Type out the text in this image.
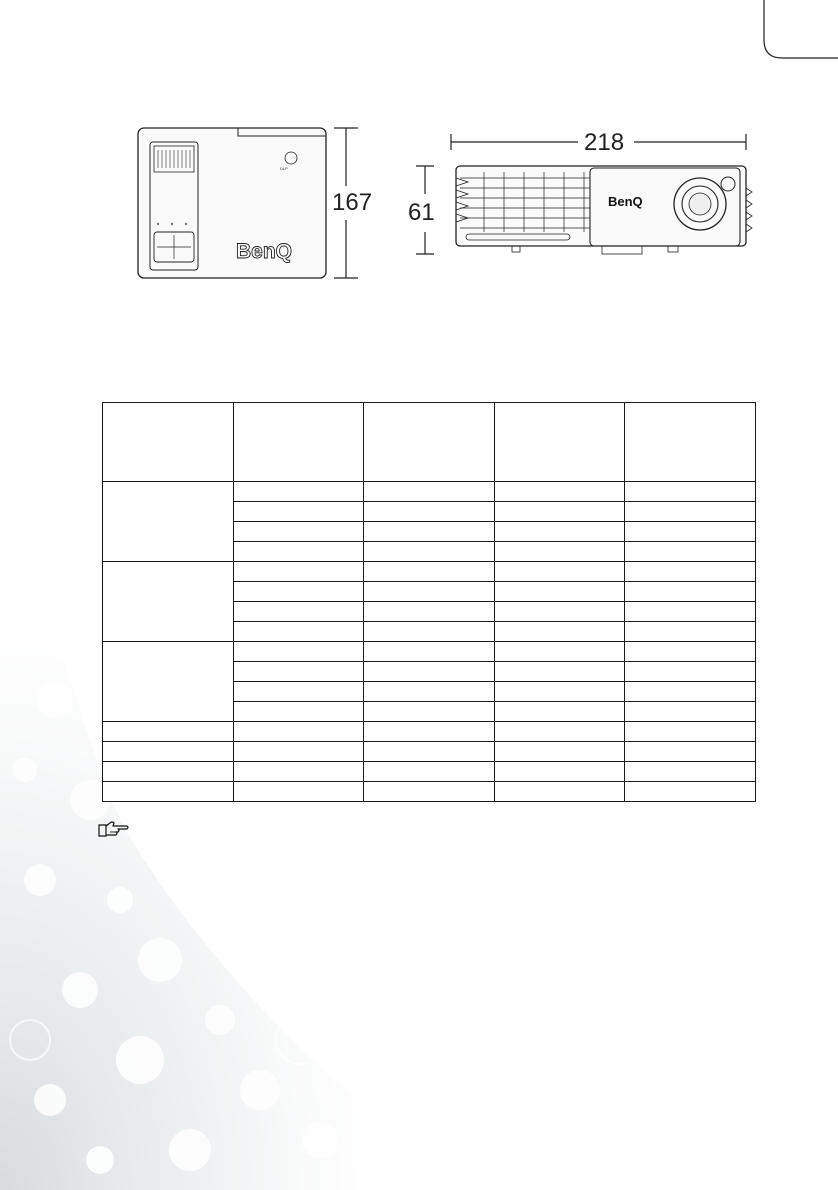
DLP
BenQ
167	BenQ
218
61
